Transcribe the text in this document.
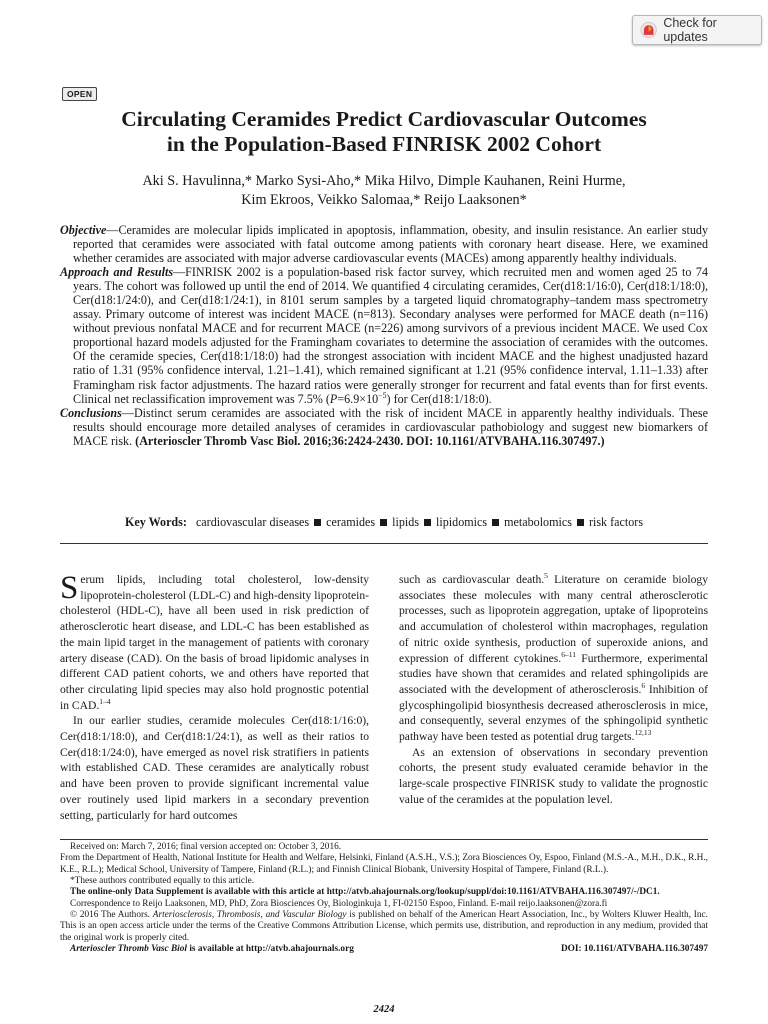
Check for updates
OPEN
Circulating Ceramides Predict Cardiovascular Outcomes
in the Population-Based FINRISK 2002 Cohort
Aki S. Havulinna,* Marko Sysi-Aho,* Mika Hilvo, Dimple Kauhanen, Reini Hurme,
Kim Ekroos, Veikko Salomaa,* Reijo Laaksonen*

Objective—Ceramides are molecular lipids implicated in apoptosis, inflammation, obesity, and insulin resistance. An earlier study reported that ceramides were associated with fatal outcome among patients with coronary heart disease. Here, we examined whether ceramides are associated with major adverse cardiovascular events (MACEs) among apparently healthy individuals.

Approach and Results—FINRISK 2002 is a population-based risk factor survey, which recruited men and women aged 25 to 74 years. The cohort was followed up until the end of 2014. We quantified 4 circulating ceramides, Cer(d18:1/16:0), Cer(d18:1/18:0), Cer(d18:1/24:0), and Cer(d18:1/24:1), in 8101 serum samples by a targeted liquid chromatography–tandem mass spectrometry assay. Primary outcome of interest was incident MACE (n=813). Secondary analyses were performed for MACE death (n=116) without previous nonfatal MACE and for recurrent MACE (n=226) among survivors of a previous incident MACE. We used Cox proportional hazard models adjusted for the Framingham covariates to determine the association of ceramides with the outcomes. Of the ceramide species, Cer(d18:1/18:0) had the strongest association with incident MACE and the highest unadjusted hazard ratio of 1.31 (95% confidence interval, 1.21–1.41), which remained significant at 1.21 (95% confidence interval, 1.11–1.33) after Framingham risk factor adjustments. The hazard ratios were generally stronger for recurrent and fatal events than for first events. Clinical net reclassification improvement was 7.5% $(P=6.9\times 10^{-5})$ for Cer(d18:1/18:0).

Conclusions—Distinct serum ceramides are associated with the risk of incident MACE in apparently healthy individuals. These results should encourage more detailed analyses of ceramides in cardiovascular pathobiology and suggest new biomarkers of MACE risk. (Arterioscler Thromb Vasc Biol. 2016;36:2424-2430. DOI: 10.1161/ATVBAHA.116.307497.)

Key Words: cardiovascular diseases ceramides lipids lipidomics metabolomics risk factors

Serum lipids, including total cholesterol, low-density lipoprotein-cholesterol (LDL-C) and high-density lipoprotein-cholesterol (HDL-C), have all been used in risk prediction of atherosclerotic heart disease, and LDL-C has been established as the main lipid target in the management of patients with coronary artery disease (CAD). On the basis of broad lipidomic analyses in different CAD patient cohorts, we and others have reported that other circulating lipid species may also hold prognostic potential in CAD.$^{1-4}$

In our earlier studies, ceramide molecules Cer(d18:1/16:0), Cer(d18:1/18:0), and Cer(d18:1/24:1), as well as their ratios to Cer(d18:1/24:0), have emerged as novel risk stratifiers in patients with established CAD. These ceramides are analytically robust and have been proven to provide significant incremental value over routinely used lipid markers in a secondary prevention setting, particularly for hard outcomes

such as cardiovascular death.$^5$ Literature on ceramide biology associates these molecules with many central atherosclerotic processes, such as lipoprotein aggregation, uptake of lipoproteins and accumulation of cholesterol within macrophages, regulation of nitric oxide synthesis, production of superoxide anions, and expression of different cytokines.$^{6-11}$ Furthermore, experimental studies have shown that ceramides and related sphingolipids are associated with the development of atherosclerosis.$^6$ Inhibition of glycosphingolipid biosynthesis decreased atherosclerosis in mice, and consequently, several enzymes of the sphingolipid synthetic pathway have been tested as potential drug targets.$^{12,13}$

As an extension of observations in secondary prevention cohorts, the present study evaluated ceramide behavior in the large-scale prospective FINRISK study to validate the prognostic value of the ceramides at the population level.

Received on: March 7, 2016; final version accepted on: October 3, 2016.

From the Department of Health, National Institute for Health and Welfare, Helsinki, Finland (A.S.H., V.S.); Zora Biosciences Oy, Espoo, Finland (M.S.-A., M.H., D.K., R.H., K.E., R.L.); Medical School, University of Tampere, Finland (R.L.); and Finnish Clinical Biobank, University Hospital of Tampere, Finland (R.L.).

*These authors contributed equally to this article.

The online-only Data Supplement is available with this article at http://atvb.ahajournals.org/lookup/suppl/doi:10.1161/ATVBAHA.116.307497/-/DC1.

Correspondence to Reijo Laaksonen, MD, PhD, Zora Biosciences Oy, Biologinkuja 1, FI-02150 Espoo, Finland. E-mail reijo.laaksonen@zora.fi

© 2016 The Authors. Arteriosclerosis, Thrombosis, and Vascular Biology is published on behalf of the American Heart Association, Inc., by Wolters Kluwer Health, Inc. This is an open access article under the terms of the Creative Commons Attribution License, which permits use, distribution, and reproduction in any medium, provided that the original work is properly cited.

Arterioscler Thromb Vasc Biol is available at http://atvb.ahajournals.org	DOI: 10.1161/ATVBAHA.116.307497
2424
